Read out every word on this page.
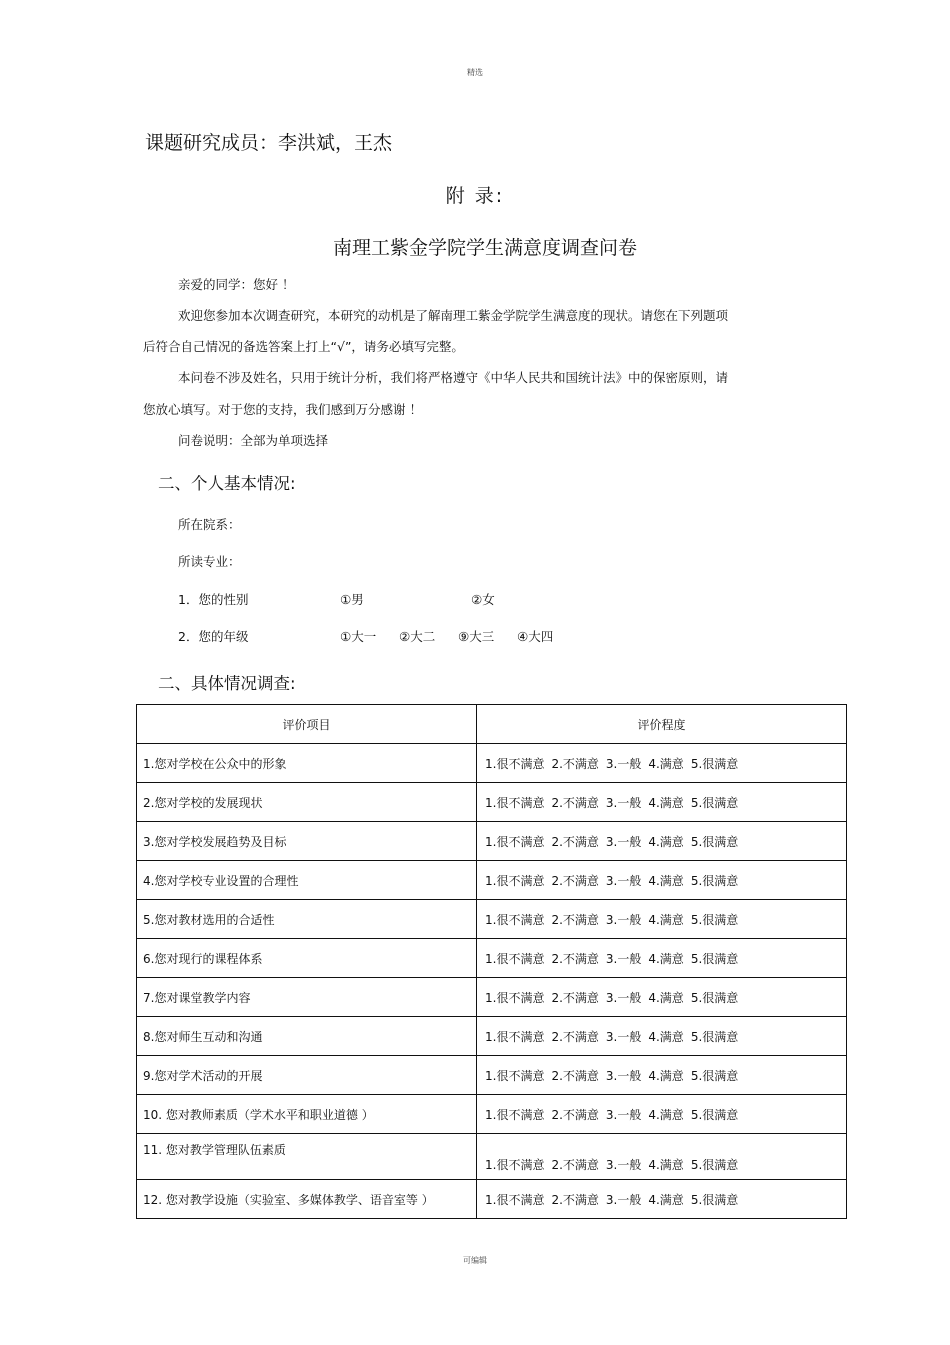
精选
课题研究成员：李洪斌，王杰
附 录:
南理工紫金学院学生满意度调查问卷
亲爱的同学：您好 ！
欢迎您参加本次调查研究，本研究的动机是了解南理工紫金学院学生满意度的现状。请您在下列题项
后符合自己情况的备选答案上打上“√”，请务必填写完整。
本问卷不涉及姓名，只用于统计分析，我们将严格遵守《中华人民共和国统计法》中的保密原则，请
您放心填写。对于您的支持，我们感到万分感谢 ！
问卷说明：全部为单项选择
二、个人基本情况:
所在院系：
所读专业：
1．您的性别	①男	②女
2．您的年级	①大一 ②大二 ⑨大三 ④大四
二、具体情况调查:
评价项目	评价程度
1.您对学校在公众中的形象	1.很不满意 2.不满意 3.一般 4.满意 5.很满意
2.您对学校的发展现状	1.很不满意 2.不满意 3.一般 4.满意 5.很满意
3.您对学校发展趋势及目标	1.很不满意 2.不满意 3.一般 4.满意 5.很满意
4.您对学校专业设置的合理性	1.很不满意 2.不满意 3.一般 4.满意 5.很满意
5.您对教材选用的合适性	1.很不满意 2.不满意 3.一般 4.满意 5.很满意
6.您对现行的课程体系	1.很不满意 2.不满意 3.一般 4.满意 5.很满意
7.您对课堂教学内容	1.很不满意 2.不满意 3.一般 4.满意 5.很满意
8.您对师生互动和沟通	1.很不满意 2.不满意 3.一般 4.满意 5.很满意
9.您对学术活动的开展	1.很不满意 2.不满意 3.一般 4.满意 5.很满意
10. 您对教师素质（学术水平和职业道德 ）	1.很不满意 2.不满意 3.一般 4.满意 5.很满意
11. 您对教学管理队伍素质	1.很不满意 2.不满意 3.一般 4.满意 5.很满意
12. 您对教学设施（实验室、多媒体教学、语音室等 ）	1.很不满意 2.不满意 3.一般 4.满意 5.很满意
可编辑
